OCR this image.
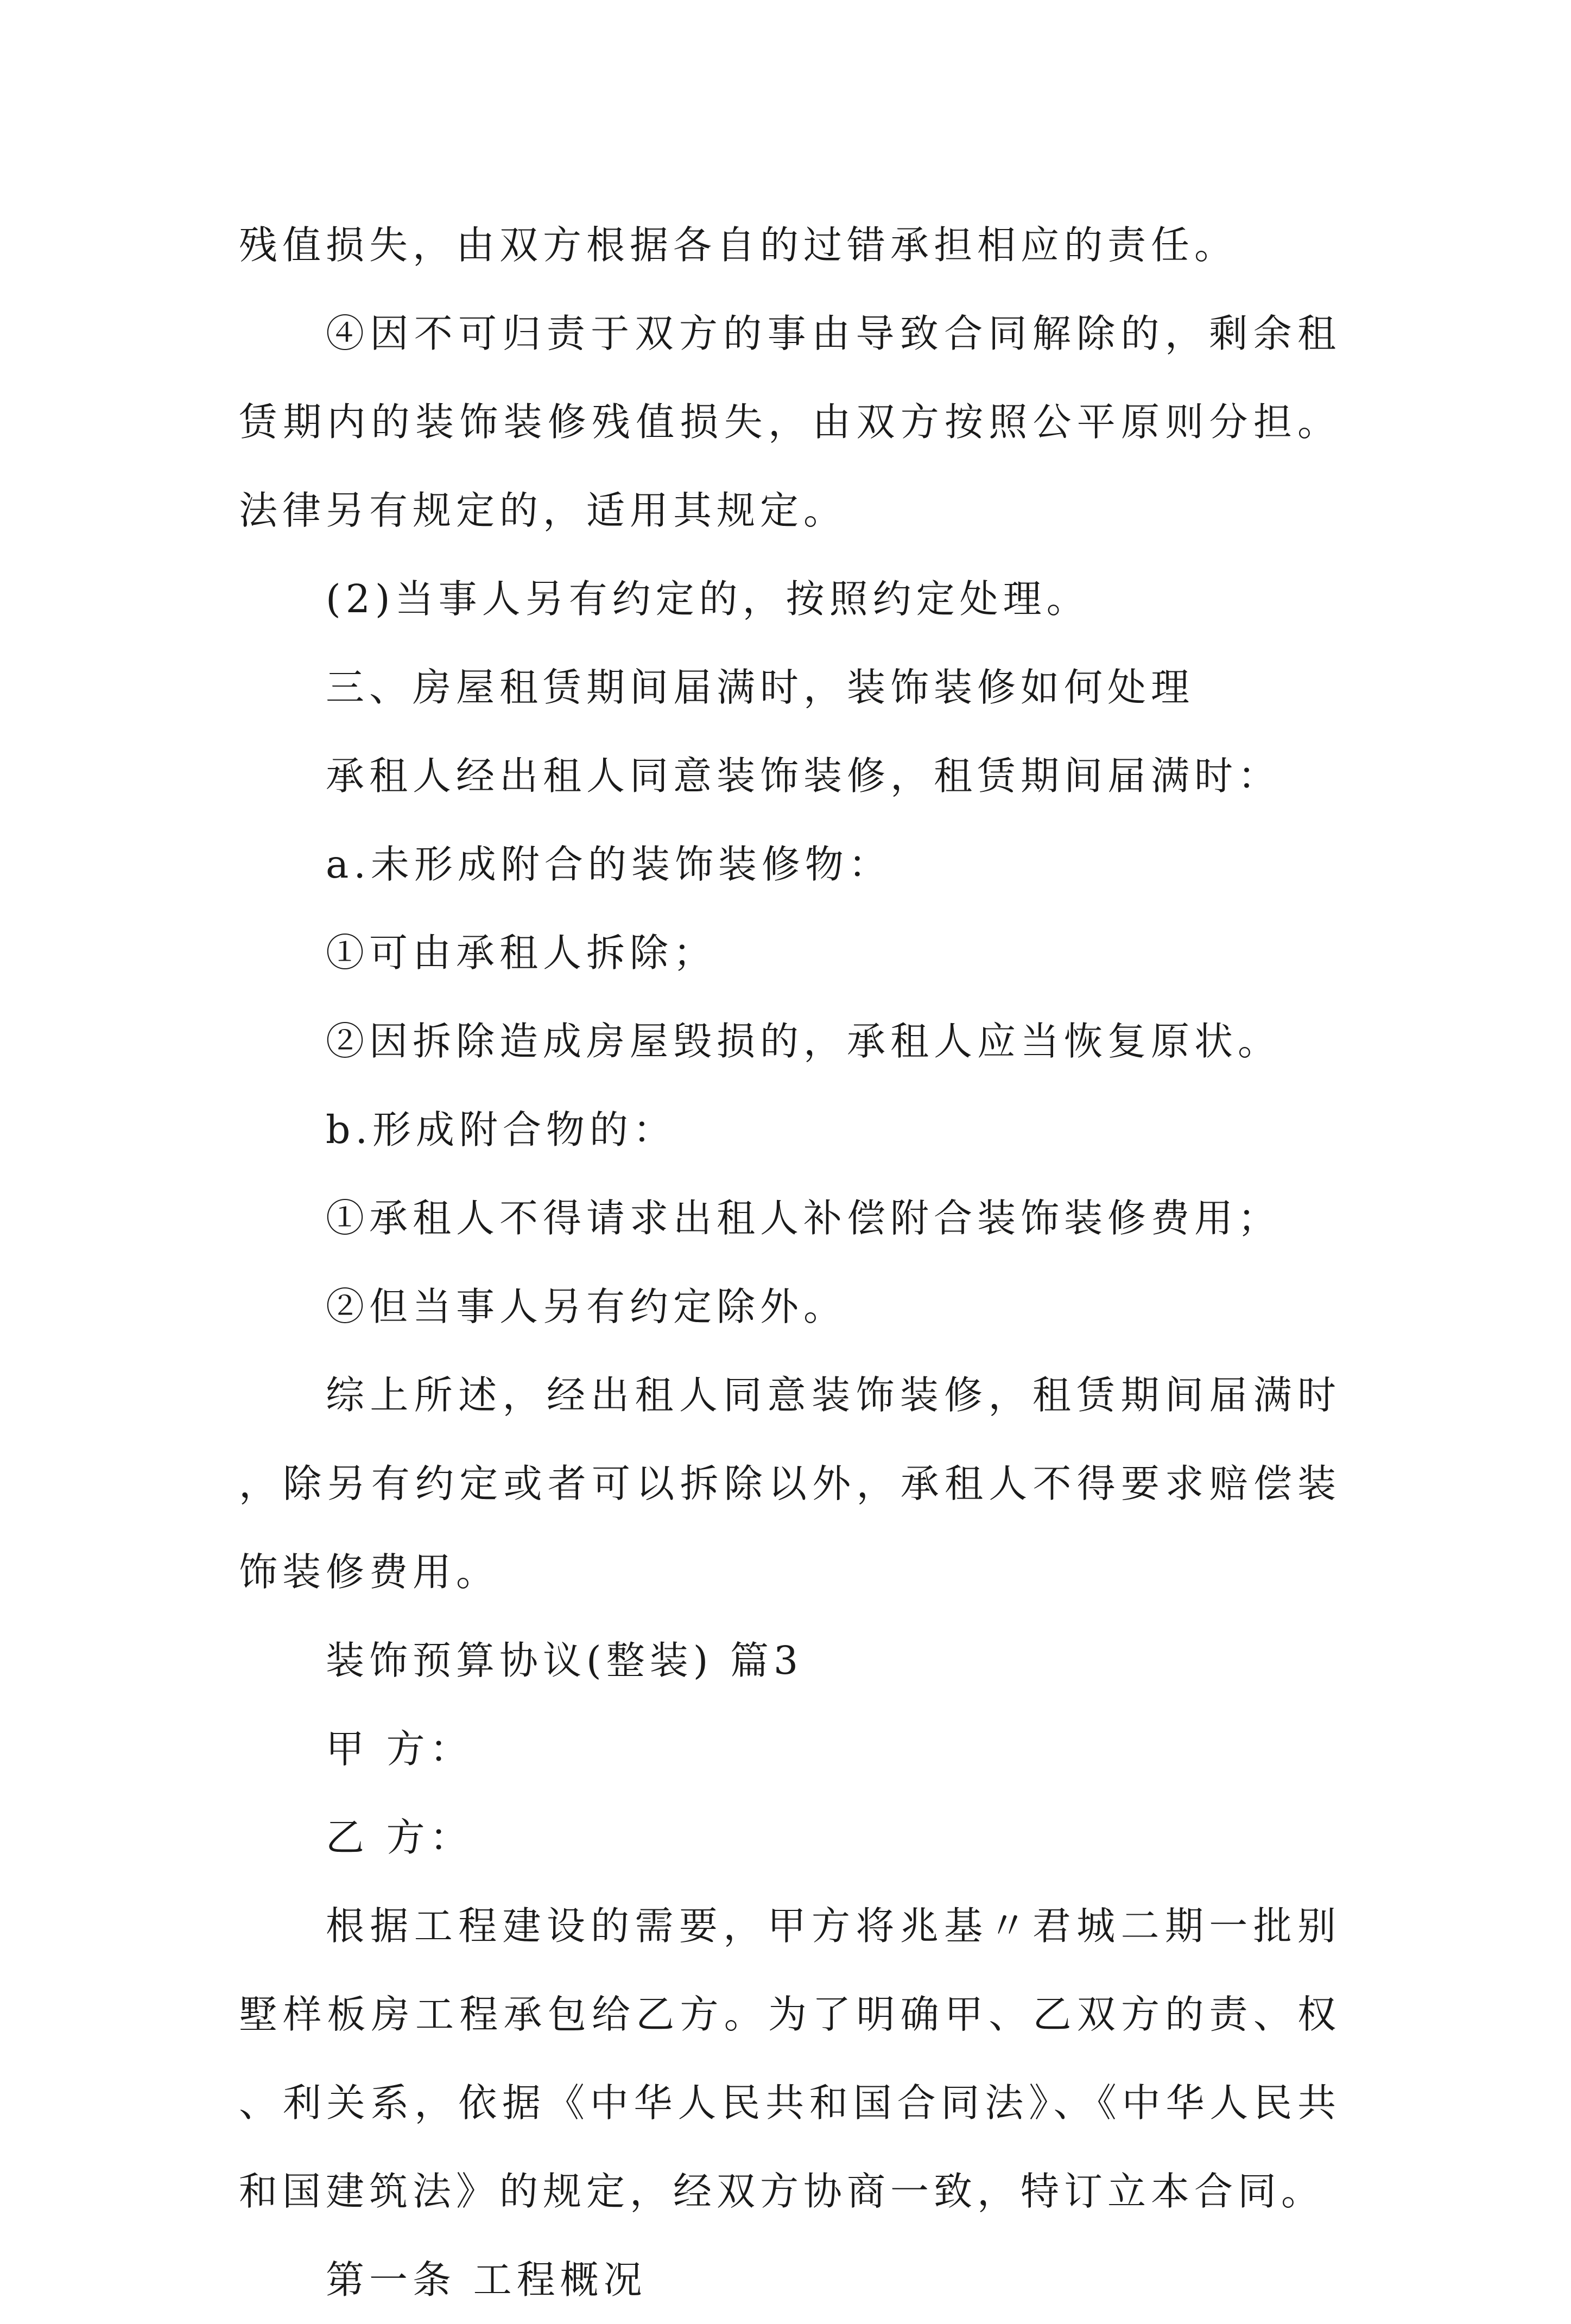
残值损失，由双方根据各自的过错承担相应的责任。

④因不可归责于双方的事由导致合同解除的，剩余租赁期内的装饰装修残值损失，由双方按照公平原则分担。法律另有规定的，适用其规定。

(2)当事人另有约定的，按照约定处理。

三、房屋租赁期间届满时，装饰装修如何处理

承租人经出租人同意装饰装修，租赁期间届满时：

a.未形成附合的装饰装修物：

①可由承租人拆除；

②因拆除造成房屋毁损的，承租人应当恢复原状。

b.形成附合物的：

①承租人不得请求出租人补偿附合装饰装修费用；

②但当事人另有约定除外。

综上所述，经出租人同意装饰装修，租赁期间届满时，除另有约定或者可以拆除以外，承租人不得要求赔偿装饰装修费用。

装饰预算协议(整装) 篇3

甲 方：

乙 方：

根据工程建设的需要，甲方将兆基〃君城二期一批别墅样板房工程承包给乙方。为了明确甲、乙双方的责、权、利关系，依据《中华人民共和国合同法》、《中华人民共和国建筑法》的规定，经双方协商一致，特订立本合同。

第一条 工程概况
